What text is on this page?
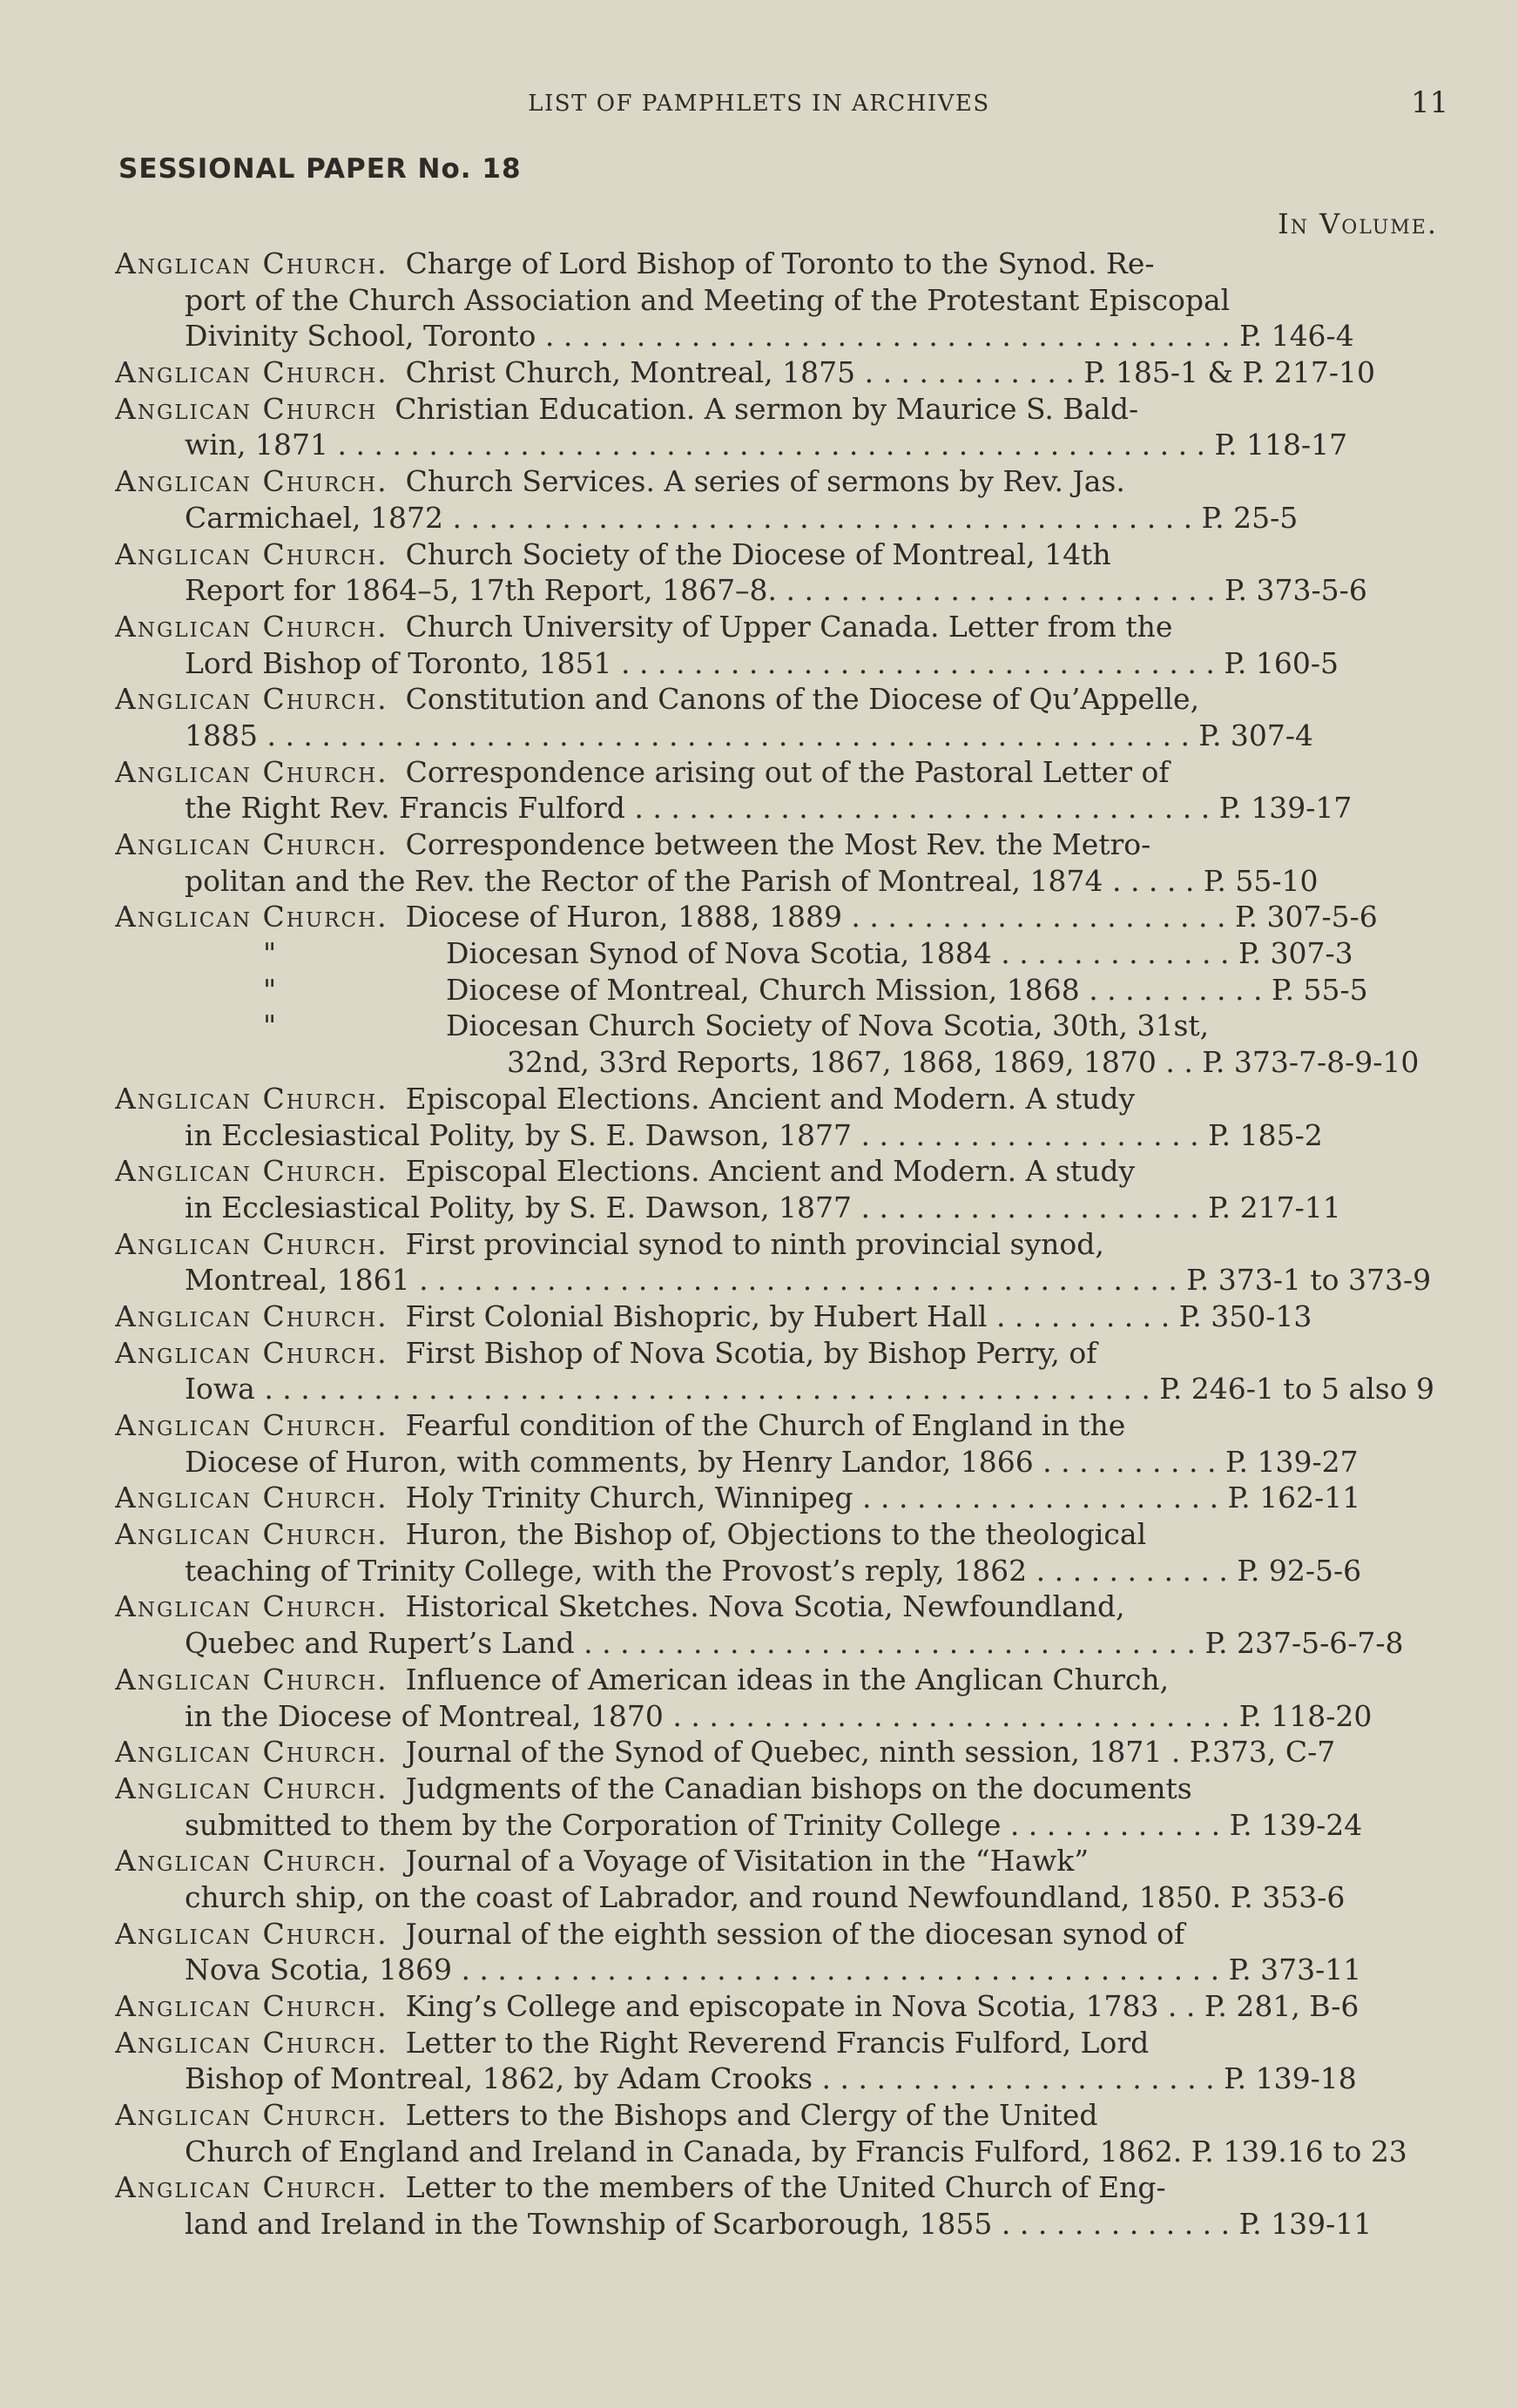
LIST OF PAMPHLETS IN ARCHIVES	11
SESSIONAL PAPER No. 18
In Volume.
Anglican Church. Charge of Lord Bishop of Toronto to the Synod. Re-
port of the Church Association and Meeting of the Protestant Episcopal
Divinity School, Toronto . . . . . . . . . . . . . . . . . . . . . . . . . . . . . . . . . . . . . . P. 146-4
Anglican Church. Christ Church, Montreal, 1875 . . . . . . . . . . . . P. 185-1 & P. 217-10
Anglican Church Christian Education. A sermon by Maurice S. Bald-
win, 1871 . . . . . . . . . . . . . . . . . . . . . . . . . . . . . . . . . . . . . . . . . . . . . . . . P. 118-17
Anglican Church. Church Services. A series of sermons by Rev. Jas.
Carmichael, 1872 . . . . . . . . . . . . . . . . . . . . . . . . . . . . . . . . . . . . . . . . . P. 25-5
Anglican Church. Church Society of the Diocese of Montreal, 14th
Report for 1864–5, 17th Report, 1867–8. . . . . . . . . . . . . . . . . . . . . . . . . P. 373-5-6
Anglican Church. Church University of Upper Canada. Letter from the
Lord Bishop of Toronto, 1851 . . . . . . . . . . . . . . . . . . . . . . . . . . . . . . . . . P. 160-5
Anglican Church. Constitution and Canons of the Diocese of Qu’Appelle,
1885 . . . . . . . . . . . . . . . . . . . . . . . . . . . . . . . . . . . . . . . . . . . . . . . . . . . P. 307-4
Anglican Church. Correspondence arising out of the Pastoral Letter of
the Right Rev. Francis Fulford . . . . . . . . . . . . . . . . . . . . . . . . . . . . . . . . P. 139-17
Anglican Church. Correspondence between the Most Rev. the Metro-
politan and the Rev. the Rector of the Parish of Montreal, 1874 . . . . . P. 55-10
Anglican Church. Diocese of Huron, 1888, 1889 . . . . . . . . . . . . . . . . . . . . . P. 307-5-6
"	Diocesan Synod of Nova Scotia, 1884 . . . . . . . . . . . . . P. 307-3
"	Diocese of Montreal, Church Mission, 1868 . . . . . . . . . . P. 55-5
"	Diocesan Church Society of Nova Scotia, 30th, 31st,
32nd, 33rd Reports, 1867, 1868, 1869, 1870 . . P. 373-7-8-9-10
Anglican Church. Episcopal Elections. Ancient and Modern. A study
in Ecclesiastical Polity, by S. E. Dawson, 1877 . . . . . . . . . . . . . . . . . . . P. 185-2
Anglican Church. Episcopal Elections. Ancient and Modern. A study
in Ecclesiastical Polity, by S. E. Dawson, 1877 . . . . . . . . . . . . . . . . . . . P. 217-11
Anglican Church. First provincial synod to ninth provincial synod,
Montreal, 1861 . . . . . . . . . . . . . . . . . . . . . . . . . . . . . . . . . . . . . . . . . . P. 373-1 to 373-9
Anglican Church. First Colonial Bishopric, by Hubert Hall . . . . . . . . . . P. 350-13
Anglican Church. First Bishop of Nova Scotia, by Bishop Perry, of
Iowa . . . . . . . . . . . . . . . . . . . . . . . . . . . . . . . . . . . . . . . . . . . . . . . . . P. 246-1 to 5 also 9
Anglican Church. Fearful condition of the Church of England in the
Diocese of Huron, with comments, by Henry Landor, 1866 . . . . . . . . . . P. 139-27
Anglican Church. Holy Trinity Church, Winnipeg . . . . . . . . . . . . . . . . . . . . P. 162-11
Anglican Church. Huron, the Bishop of, Objections to the theological
teaching of Trinity College, with the Provost’s reply, 1862 . . . . . . . . . . . P. 92-5-6
Anglican Church. Historical Sketches. Nova Scotia, Newfoundland,
Quebec and Rupert’s Land . . . . . . . . . . . . . . . . . . . . . . . . . . . . . . . . . . P. 237-5-6-7-8
Anglican Church. Influence of American ideas in the Anglican Church,
in the Diocese of Montreal, 1870 . . . . . . . . . . . . . . . . . . . . . . . . . . . . . . . P. 118-20
Anglican Church. Journal of the Synod of Quebec, ninth session, 1871 . P.373, C-7
Anglican Church. Judgments of the Canadian bishops on the documents
submitted to them by the Corporation of Trinity College . . . . . . . . . . . . P. 139-24
Anglican Church. Journal of a Voyage of Visitation in the “Hawk”
church ship, on the coast of Labrador, and round Newfoundland, 1850. P. 353-6
Anglican Church. Journal of the eighth session of the diocesan synod of
Nova Scotia, 1869 . . . . . . . . . . . . . . . . . . . . . . . . . . . . . . . . . . . . . . . . . . P. 373-11
Anglican Church. King’s College and episcopate in Nova Scotia, 1783 . . P. 281, B-6
Anglican Church. Letter to the Right Reverend Francis Fulford, Lord
Bishop of Montreal, 1862, by Adam Crooks . . . . . . . . . . . . . . . . . . . . . . P. 139-18
Anglican Church. Letters to the Bishops and Clergy of the United
Church of England and Ireland in Canada, by Francis Fulford, 1862. P. 139.16 to 23
Anglican Church. Letter to the members of the United Church of Eng-
land and Ireland in the Township of Scarborough, 1855 . . . . . . . . . . . . . P. 139-11
